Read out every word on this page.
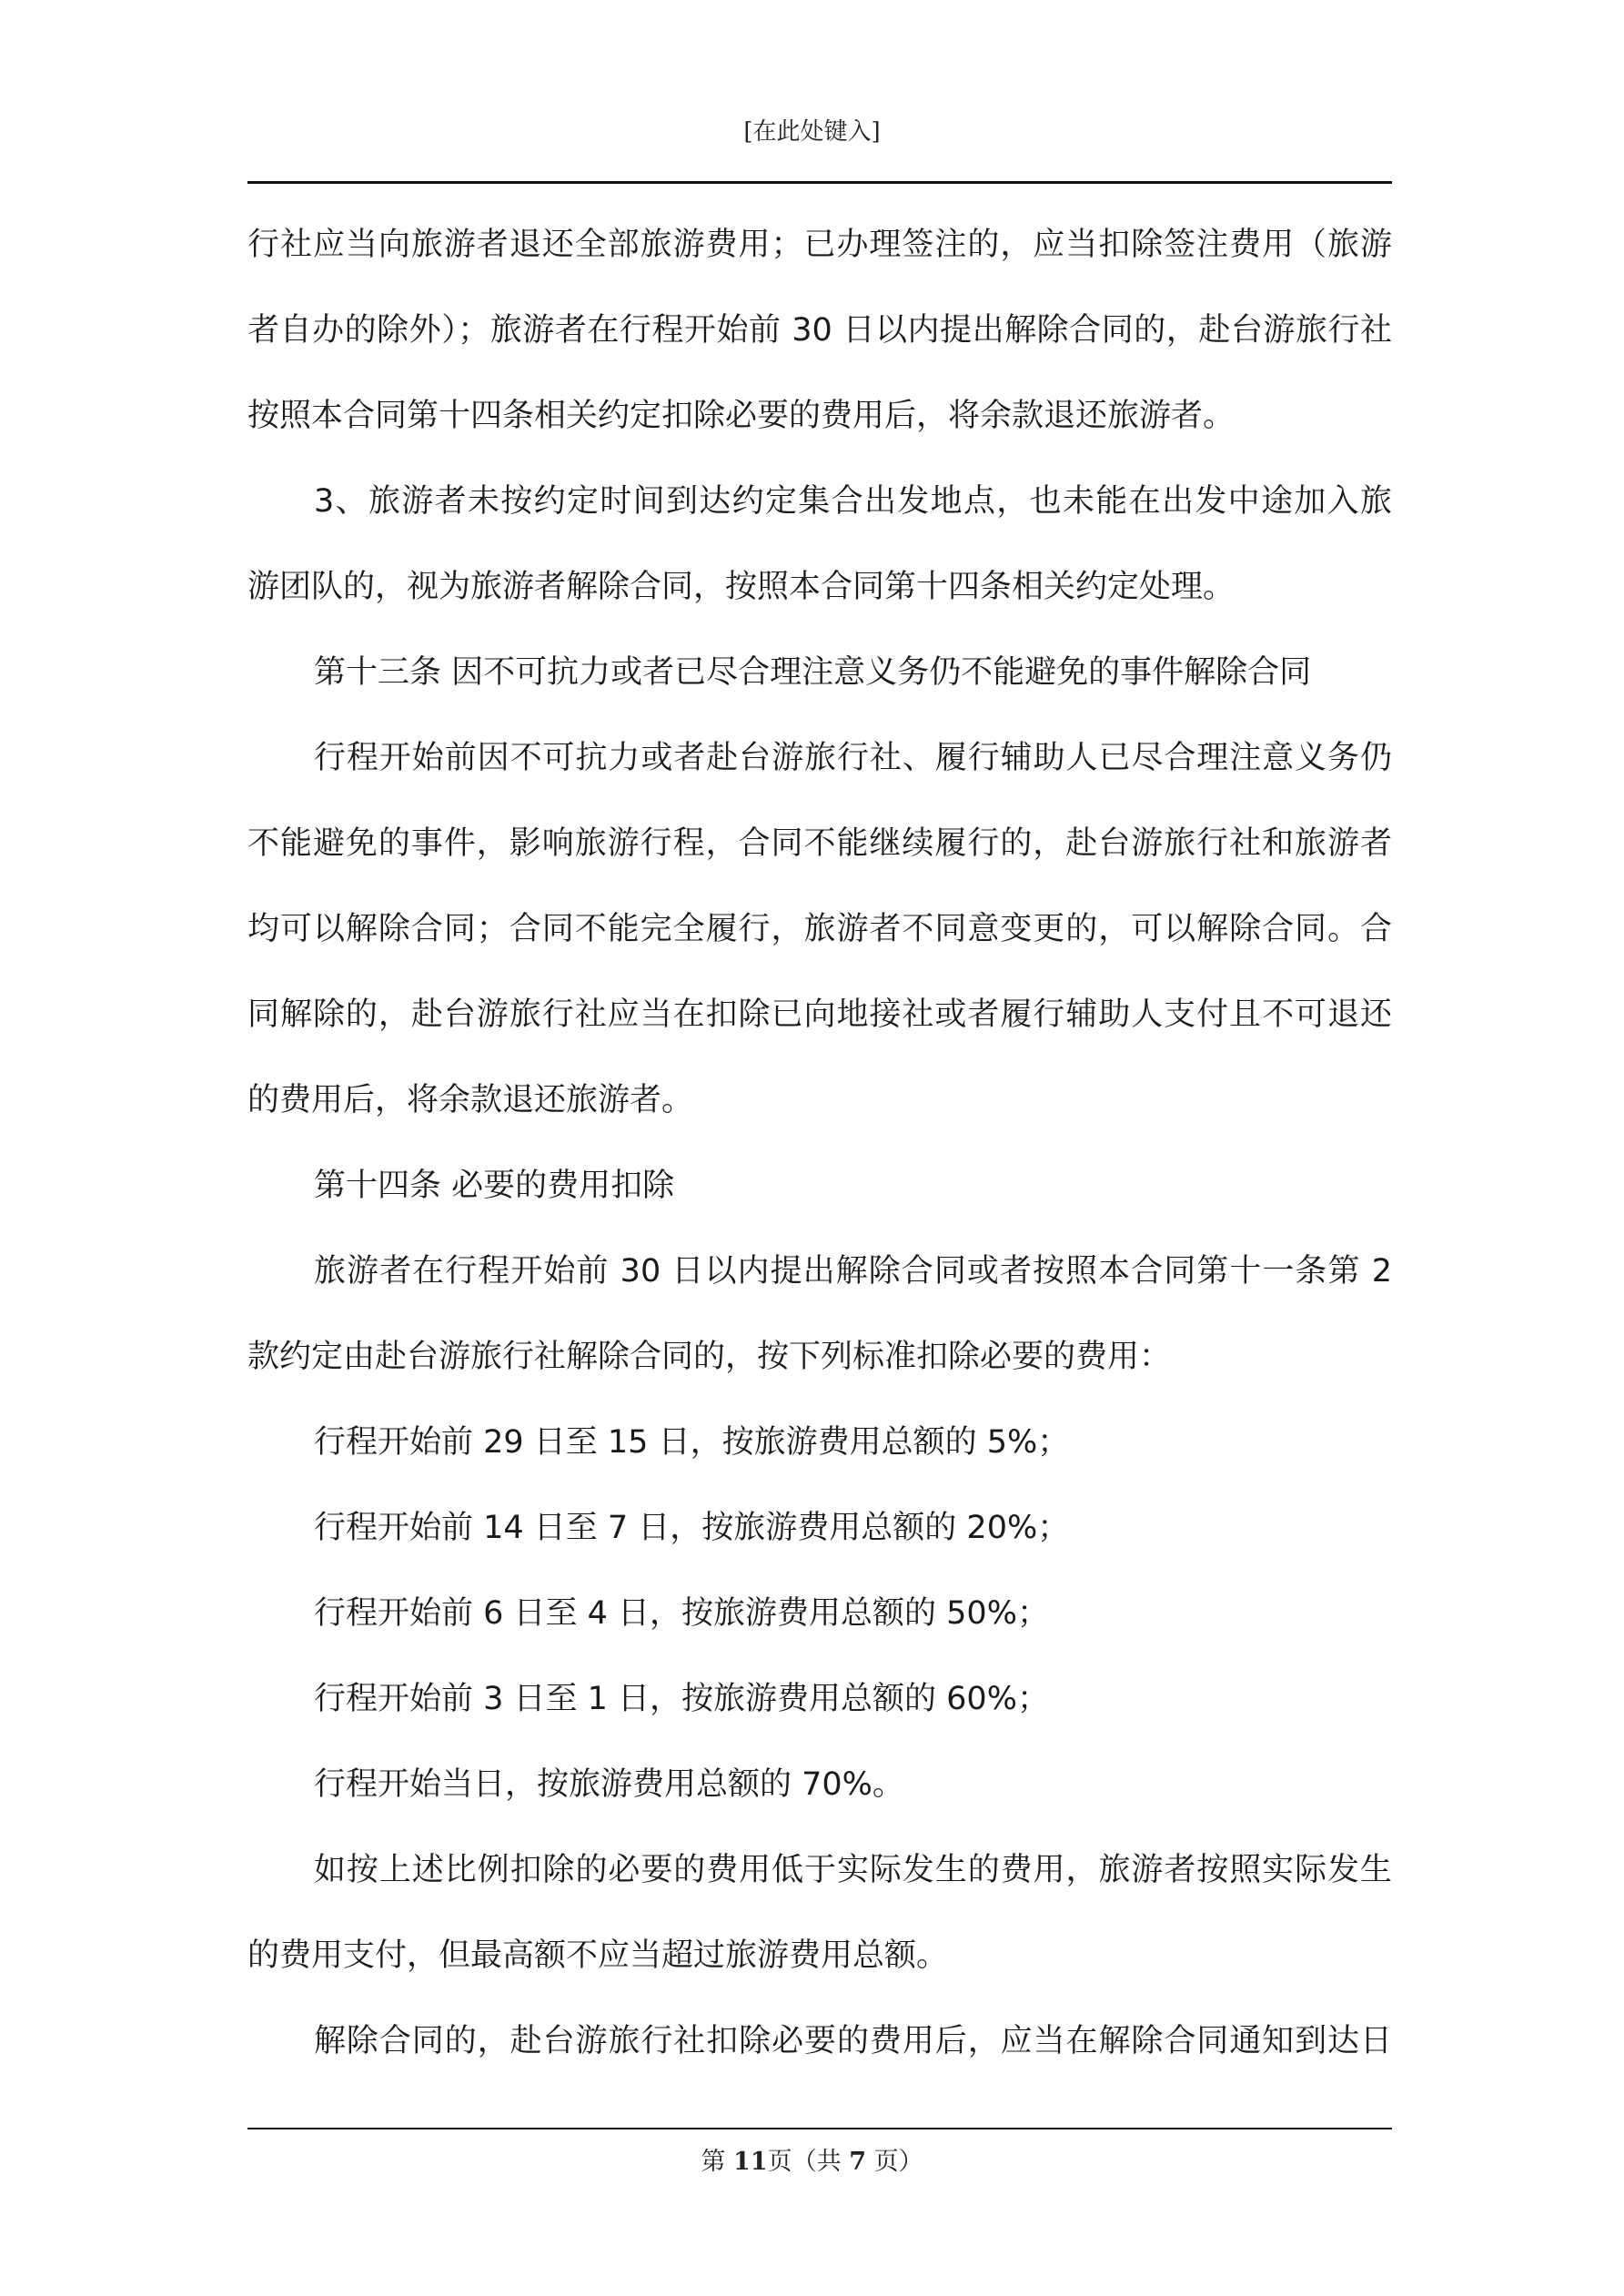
[在此处键入]
行社应当向旅游者退还全部旅游费用；已办理签注的，应当扣除签注费用（旅游
者自办的除外）；旅游者在行程开始前 30 日以内提出解除合同的，赴台游旅行社
按照本合同第十四条相关约定扣除必要的费用后，将余款退还旅游者。
3、旅游者未按约定时间到达约定集合出发地点，也未能在出发中途加入旅
游团队的，视为旅游者解除合同，按照本合同第十四条相关约定处理。
第十三条 因不可抗力或者已尽合理注意义务仍不能避免的事件解除合同
行程开始前因不可抗力或者赴台游旅行社、履行辅助人已尽合理注意义务仍
不能避免的事件，影响旅游行程，合同不能继续履行的，赴台游旅行社和旅游者
均可以解除合同；合同不能完全履行，旅游者不同意变更的，可以解除合同。合
同解除的，赴台游旅行社应当在扣除已向地接社或者履行辅助人支付且不可退还
的费用后，将余款退还旅游者。
第十四条 必要的费用扣除
旅游者在行程开始前 30 日以内提出解除合同或者按照本合同第十一条第 2
款约定由赴台游旅行社解除合同的，按下列标准扣除必要的费用：
行程开始前 29 日至 15 日，按旅游费用总额的 5%；
行程开始前 14 日至 7 日，按旅游费用总额的 20%；
行程开始前 6 日至 4 日，按旅游费用总额的 50%；
行程开始前 3 日至 1 日，按旅游费用总额的 60%；
行程开始当日，按旅游费用总额的 70%。
如按上述比例扣除的必要的费用低于实际发生的费用，旅游者按照实际发生
的费用支付，但最高额不应当超过旅游费用总额。
解除合同的，赴台游旅行社扣除必要的费用后，应当在解除合同通知到达日
第 11页（共 7 页）
